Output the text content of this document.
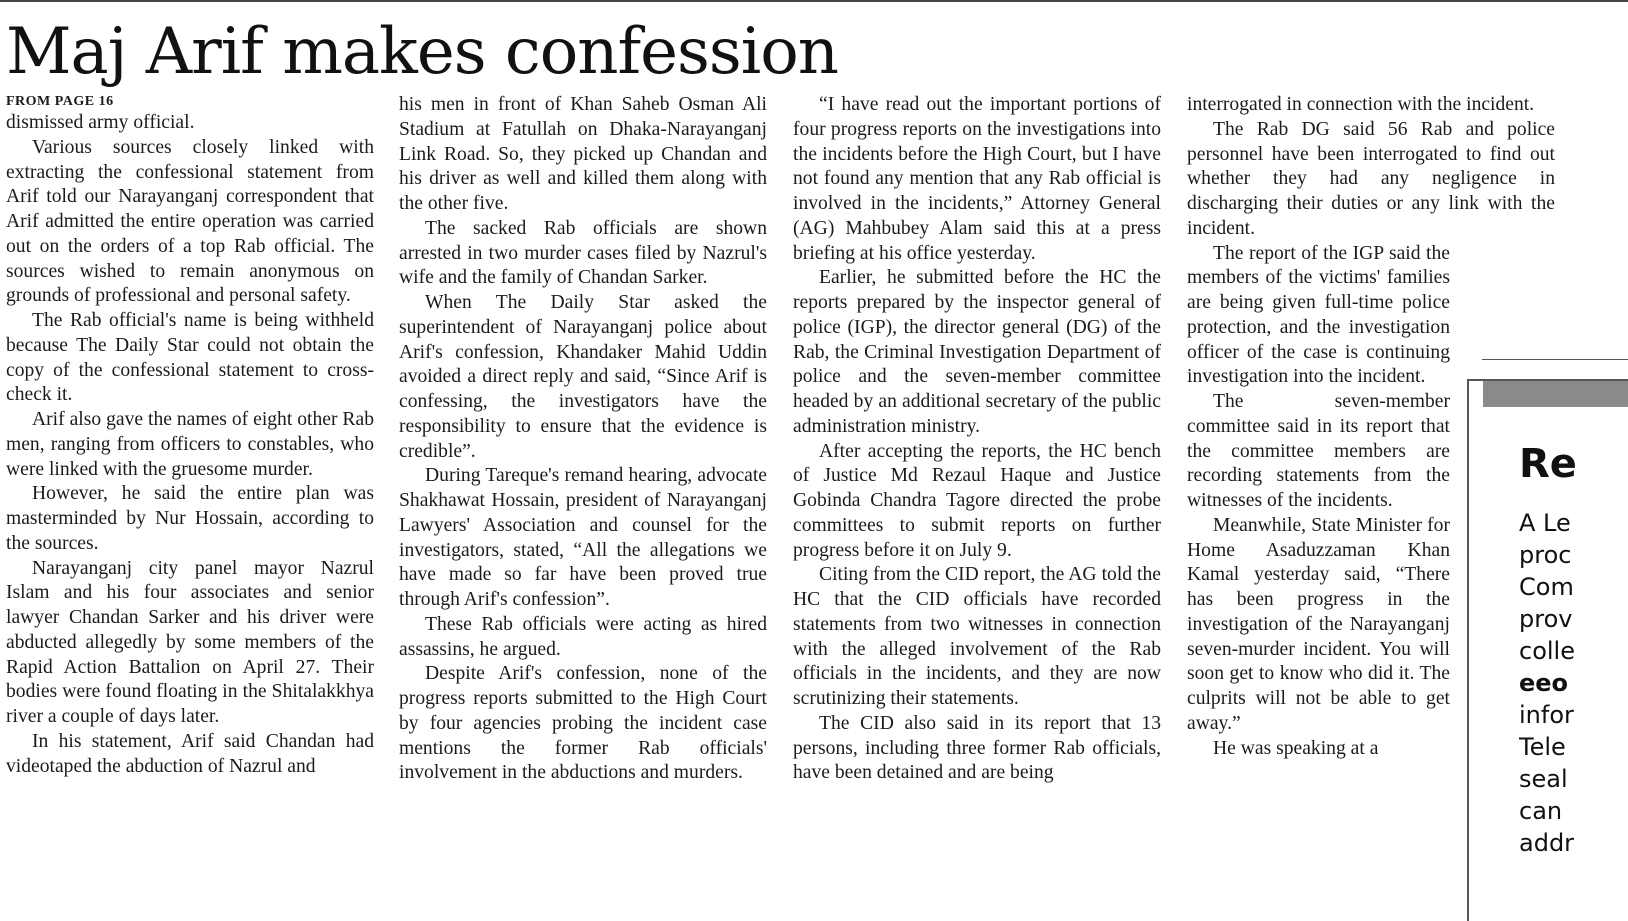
Maj Arif makes confession

FROM PAGE 16

dismissed army official.

Various sources closely linked with extracting the confessional statement from Arif told our Narayanganj correspondent that Arif admitted the entire operation was carried out on the orders of a top Rab official. The sources wished to remain anonymous on grounds of professional and personal safety.

The Rab official's name is being withheld because The Daily Star could not obtain the copy of the confessional statement to cross-check it.

Arif also gave the names of eight other Rab men, ranging from officers to constables, who were linked with the gruesome murder.

However, he said the entire plan was masterminded by Nur Hossain, according to the sources.

Narayanganj city panel mayor Nazrul Islam and his four associates and senior lawyer Chandan Sarker and his driver were abducted allegedly by some members of the Rapid Action Battalion on April 27. Their bodies were found floating in the Shitalakkhya river a couple of days later.

In his statement, Arif said Chandan had videotaped the abduction of Nazrul and

his men in front of Khan Saheb Osman Ali Stadium at Fatullah on Dhaka-Narayanganj Link Road. So, they picked up Chandan and his driver as well and killed them along with the other five.

The sacked Rab officials are shown arrested in two murder cases filed by Nazrul's wife and the family of Chandan Sarker.

When The Daily Star asked the superintendent of Narayanganj police about Arif's confession, Khandaker Mahid Uddin avoided a direct reply and said, “Since Arif is confessing, the investigators have the responsibility to ensure that the evidence is credible”.

During Tareque's remand hearing, advocate Shakhawat Hossain, president of Narayanganj Lawyers' Association and counsel for the investigators, stated, “All the allegations we have made so far have been proved true through Arif's confession”.

These Rab officials were acting as hired assassins, he argued.

Despite Arif's confession, none of the progress reports submitted to the High Court by four agencies probing the incident case mentions the former Rab officials' involvement in the abductions and murders.

“I have read out the important portions of four progress reports on the investigations into the incidents before the High Court, but I have not found any mention that any Rab official is involved in the incidents,” Attorney General (AG) Mahbubey Alam said this at a press briefing at his office yesterday.

Earlier, he submitted before the HC the reports prepared by the inspector general of police (IGP), the director general (DG) of the Rab, the Criminal Investigation Department of police and the seven-member committee headed by an additional secretary of the public administration ministry.

After accepting the reports, the HC bench of Justice Md Rezaul Haque and Justice Gobinda Chandra Tagore directed the probe committees to submit reports on further progress before it on July 9.

Citing from the CID report, the AG told the HC that the CID officials have recorded statements from two witnesses in connection with the alleged involvement of the Rab officials in the incidents, and they are now scrutinizing their statements.

The CID also said in its report that 13 persons, including three former Rab officials, have been detained and are being

interrogated in connection with the incident.

The Rab DG said 56 Rab and police personnel have been interrogated to find out whether they had any negligence in discharging their duties or any link with the incident.

The report of the IGP said the members of the victims' families are being given full-time police protection, and the investigation officer of the case is continuing investigation into the incident.

The seven-member committee said in its report that the committee members are recording statements from the witnesses of the incidents.

Meanwhile, State Minister for Home Asaduzzaman Khan Kamal yesterday said, “There has been progress in the investigation of the Narayanganj seven-murder incident. You will soon get to know who did it. The culprits will not be able to get away.”

He was speaking at a

Re
A Le
proc
Com
prov
colle
eeo
infor
Tele
seal
can
addr
